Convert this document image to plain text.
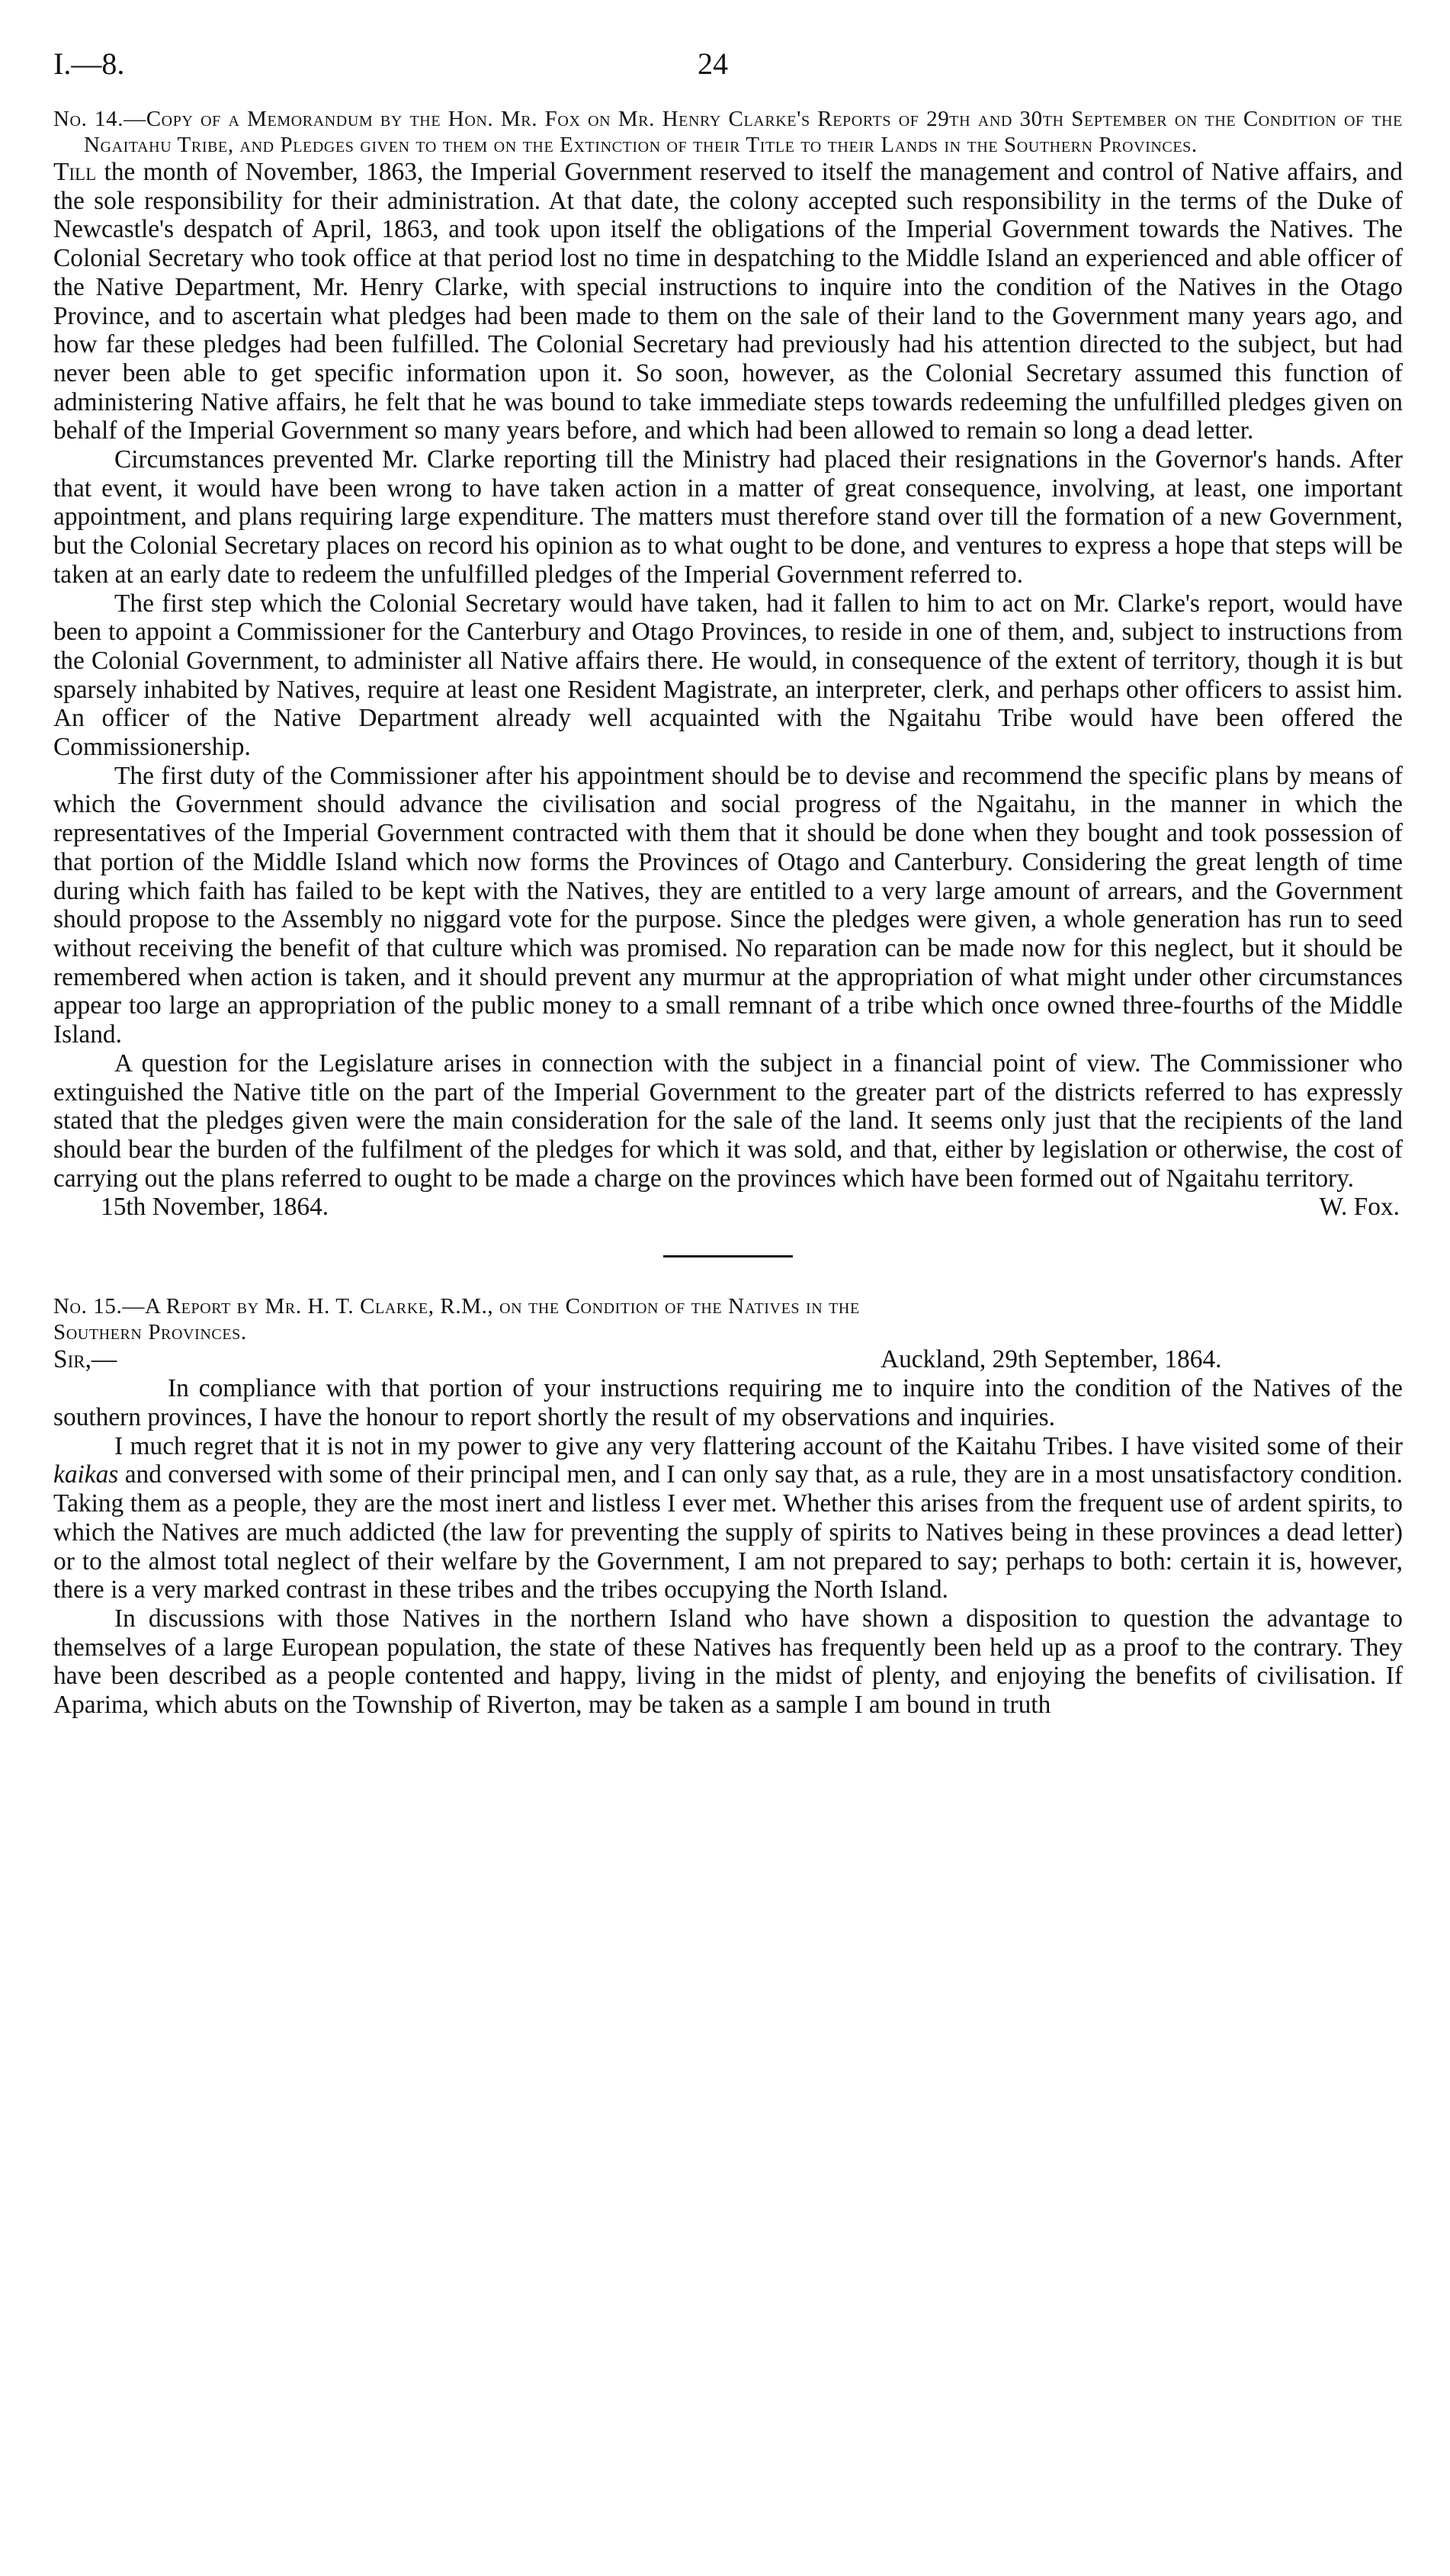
I.—8.	24
No. 14.—Copy of a Memorandum by the Hon. Mr. Fox on Mr. Henry Clarke's Reports of 29th and 30th September on the Condition of the Ngaitahu Tribe, and Pledges given to them on the Extinction of their Title to their Lands in the Southern Provinces.

Till the month of November, 1863, the Imperial Government reserved to itself the management and control of Native affairs, and the sole responsibility for their administration. At that date, the colony accepted such responsibility in the terms of the Duke of Newcastle's despatch of April, 1863, and took upon itself the obligations of the Imperial Government towards the Natives. The Colonial Secretary who took office at that period lost no time in despatching to the Middle Island an experienced and able officer of the Native Department, Mr. Henry Clarke, with special instructions to inquire into the condition of the Natives in the Otago Province, and to ascertain what pledges had been made to them on the sale of their land to the Government many years ago, and how far these pledges had been fulfilled. The Colonial Secretary had previously had his attention directed to the subject, but had never been able to get specific information upon it. So soon, however, as the Colonial Secretary assumed this function of administering Native affairs, he felt that he was bound to take immediate steps towards redeeming the unfulfilled pledges given on behalf of the Imperial Government so many years before, and which had been allowed to remain so long a dead letter.

Circumstances prevented Mr. Clarke reporting till the Ministry had placed their resignations in the Governor's hands. After that event, it would have been wrong to have taken action in a matter of great consequence, involving, at least, one important appointment, and plans requiring large expenditure. The matters must therefore stand over till the formation of a new Government, but the Colonial Secretary places on record his opinion as to what ought to be done, and ventures to express a hope that steps will be taken at an early date to redeem the unfulfilled pledges of the Imperial Government referred to.

The first step which the Colonial Secretary would have taken, had it fallen to him to act on Mr. Clarke's report, would have been to appoint a Commissioner for the Canterbury and Otago Provinces, to reside in one of them, and, subject to instructions from the Colonial Government, to administer all Native affairs there. He would, in consequence of the extent of territory, though it is but sparsely inhabited by Natives, require at least one Resident Magistrate, an interpreter, clerk, and perhaps other officers to assist him. An officer of the Native Department already well acquainted with the Ngaitahu Tribe would have been offered the Commissionership.

The first duty of the Commissioner after his appointment should be to devise and recommend the specific plans by means of which the Government should advance the civilisation and social progress of the Ngaitahu, in the manner in which the representatives of the Imperial Government contracted with them that it should be done when they bought and took possession of that portion of the Middle Island which now forms the Provinces of Otago and Canterbury. Considering the great length of time during which faith has failed to be kept with the Natives, they are entitled to a very large amount of arrears, and the Government should propose to the Assembly no niggard vote for the purpose. Since the pledges were given, a whole generation has run to seed without receiving the benefit of that culture which was promised. No reparation can be made now for this neglect, but it should be remembered when action is taken, and it should prevent any murmur at the appropriation of what might under other circumstances appear too large an appropriation of the public money to a small remnant of a tribe which once owned three-fourths of the Middle Island.

A question for the Legislature arises in connection with the subject in a financial point of view. The Commissioner who extinguished the Native title on the part of the Imperial Government to the greater part of the districts referred to has expressly stated that the pledges given were the main consideration for the sale of the land. It seems only just that the recipients of the land should bear the burden of the fulfilment of the pledges for which it was sold, and that, either by legislation or otherwise, the cost of carrying out the plans referred to ought to be made a charge on the provinces which have been formed out of Ngaitahu territory.

15th November, 1864.	W. Fox.
No. 15.—A Report by Mr. H. T. Clarke, R.M., on the Condition of the Natives in the
Southern Provinces.
Sir,—	Auckland, 29th September, 1864.

In compliance with that portion of your instructions requiring me to inquire into the condition of the Natives of the southern provinces, I have the honour to report shortly the result of my observations and inquiries.

I much regret that it is not in my power to give any very flattering account of the Kaitahu Tribes. I have visited some of their kaikas and conversed with some of their principal men, and I can only say that, as a rule, they are in a most unsatisfactory condition. Taking them as a people, they are the most inert and listless I ever met. Whether this arises from the frequent use of ardent spirits, to which the Natives are much addicted (the law for preventing the supply of spirits to Natives being in these provinces a dead letter) or to the almost total neglect of their welfare by the Government, I am not prepared to say; perhaps to both: certain it is, however, there is a very marked contrast in these tribes and the tribes occupying the North Island.

In discussions with those Natives in the northern Island who have shown a disposition to question the advantage to themselves of a large European population, the state of these Natives has frequently been held up as a proof to the contrary. They have been described as a people contented and happy, living in the midst of plenty, and enjoying the benefits of civilisation. If Aparima, which abuts on the Township of Riverton, may be taken as a sample I am bound in truth
